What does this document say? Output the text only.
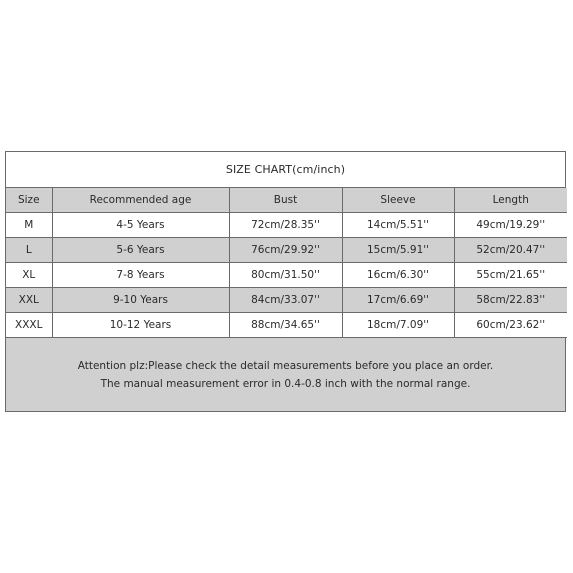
SIZE CHART(cm/inch)
Size	Recommended age	Bust	Sleeve	Length
M	4-5 Years	72cm/28.35''	14cm/5.51''	49cm/19.29''
L	5-6 Years	76cm/29.92''	15cm/5.91''	52cm/20.47''
XL	7-8 Years	80cm/31.50''	16cm/6.30''	55cm/21.65''
XXL	9-10 Years	84cm/33.07''	17cm/6.69''	58cm/22.83''
XXXL	10-12 Years	88cm/34.65''	18cm/7.09''	60cm/23.62''
Attention plz:Please check the detail measurements before you place an order.
The manual measurement error in 0.4-0.8 inch with the normal range.
